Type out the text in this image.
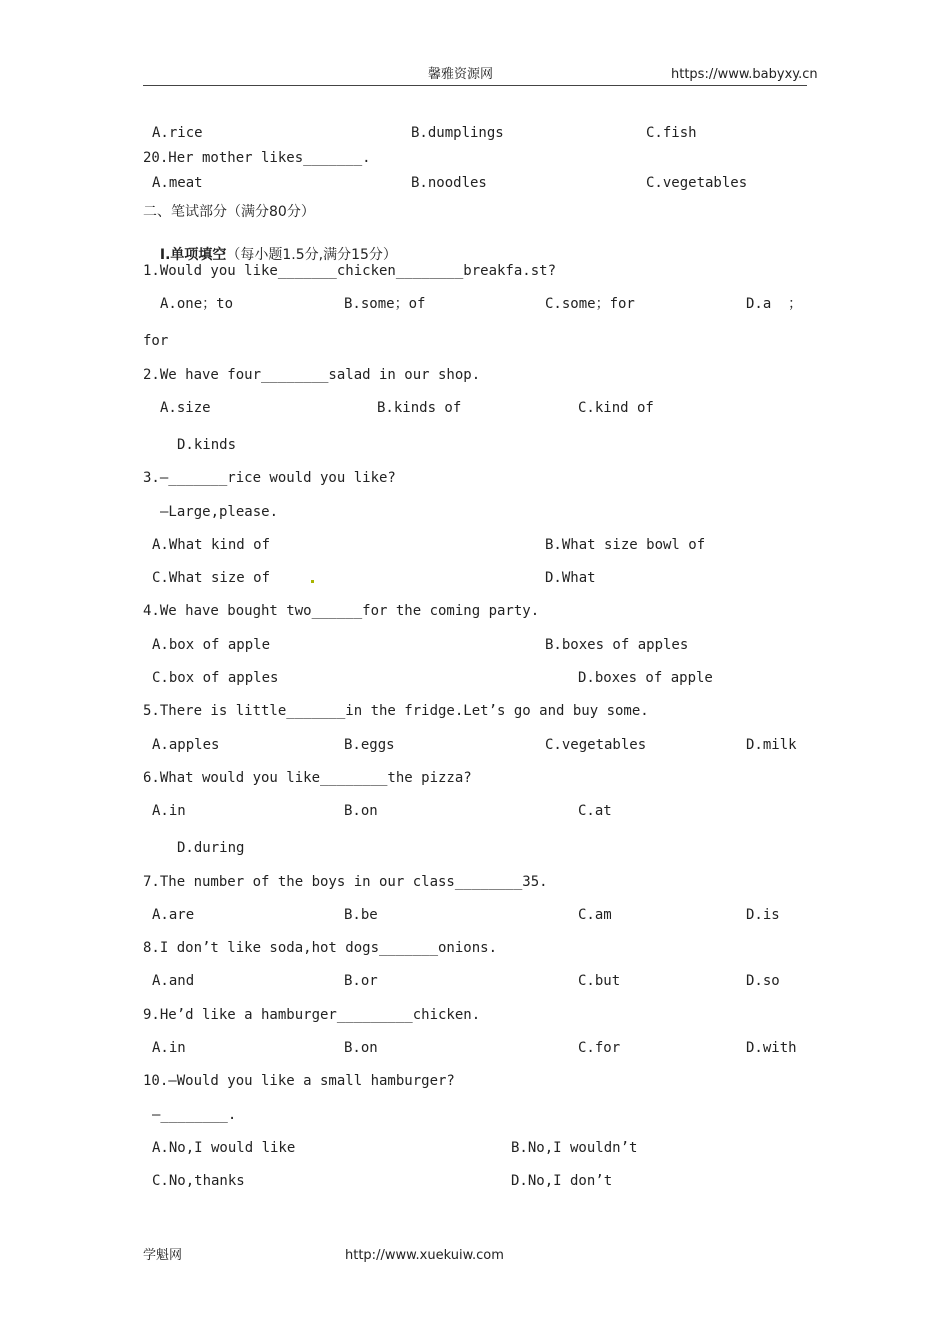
馨雅资源网	https://www.babyxy.cn
A.rice	B.dumplings	C.fish
20.Her mother likes_______.
A.meat	B.noodles	C.vegetables
二、笔试部分（满分80分）

Ⅰ.单项填空（每小题1.5分,满分15分）

1.Would you like_______chicken________breakfa.st?
A.one；to	B.some；of	C.some；for	D.a  ；
for
2.We have four________salad in our shop.
A.size	B.kinds of	C.kind of
D.kinds
3.—_______rice would you like?
—Large,please.
A.What kind of	B.What size bowl of
C.What size of	D.What
4.We have bought two______for the coming party.
A.box of apple	B.boxes of apples
C.box of apples	D.boxes of apple
5.There is little_______in the fridge.Let’s go and buy some.
A.apples	B.eggs	C.vegetables	D.milk
6.What would you like________the pizza?
A.in	B.on	C.at
D.during
7.The number of the boys in our class________35.
A.are	B.be	C.am	D.is
8.I don’t like soda,hot dogs_______onions.
A.and	B.or	C.but	D.so
9.He’d like a hamburger_________chicken.
A.in	B.on	C.for	D.with
10.—Would you like a small hamburger?
—________.
A.No,I would like	B.No,I wouldn’t
C.No,thanks	D.No,I don’t
学魁网	http://www.xuekuiw.com
